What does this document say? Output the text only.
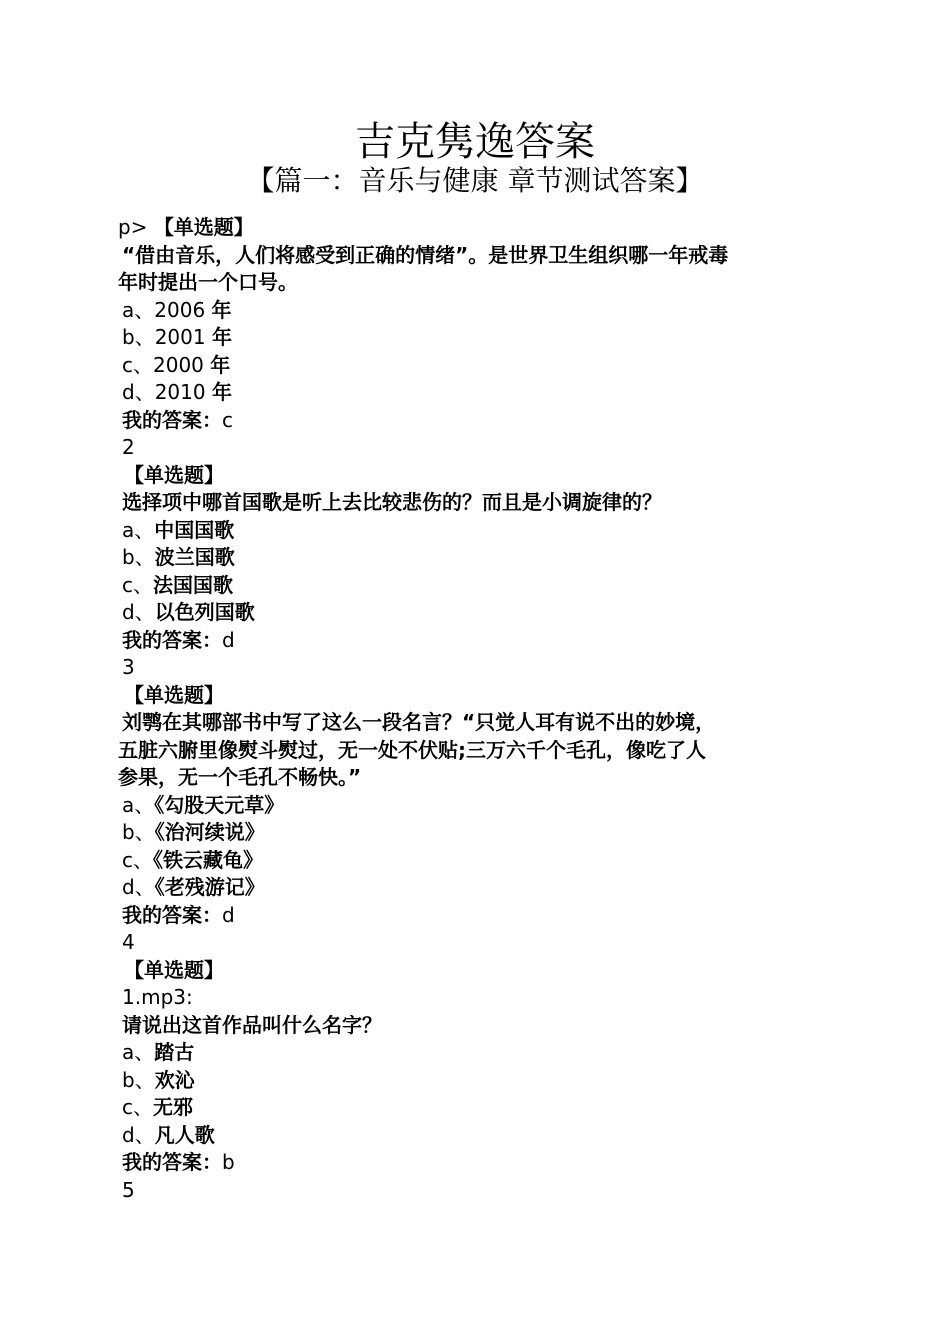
吉克隽逸答案
【篇一：音乐与健康 章节测试答案】
p> 【单选题】
“借由音乐，人们将感受到正确的情绪”。是世界卫生组织哪一年戒毒
年时提出一个口号。
a、2006 年
b、2001 年
c、2000 年
d、2010 年
我的答案：c
2
【单选题】
选择项中哪首国歌是听上去比较悲伤的？而且是小调旋律的？
a、中国国歌
b、波兰国歌
c、法国国歌
d、以色列国歌
我的答案：d
3
【单选题】
刘鹗在其哪部书中写了这么一段名言？“只觉人耳有说不出的妙境，
五脏六腑里像熨斗熨过，无一处不伏贴;三万六千个毛孔，像吃了人
参果，无一个毛孔不畅快。”
a、《勾股天元草》
b、《治河续说》
c、《铁云藏龟》
d、《老残游记》
我的答案：d
4
【单选题】
1.mp3:
请说出这首作品叫什么名字？
a、踏古
b、欢沁
c、无邪
d、凡人歌
我的答案：b
5
